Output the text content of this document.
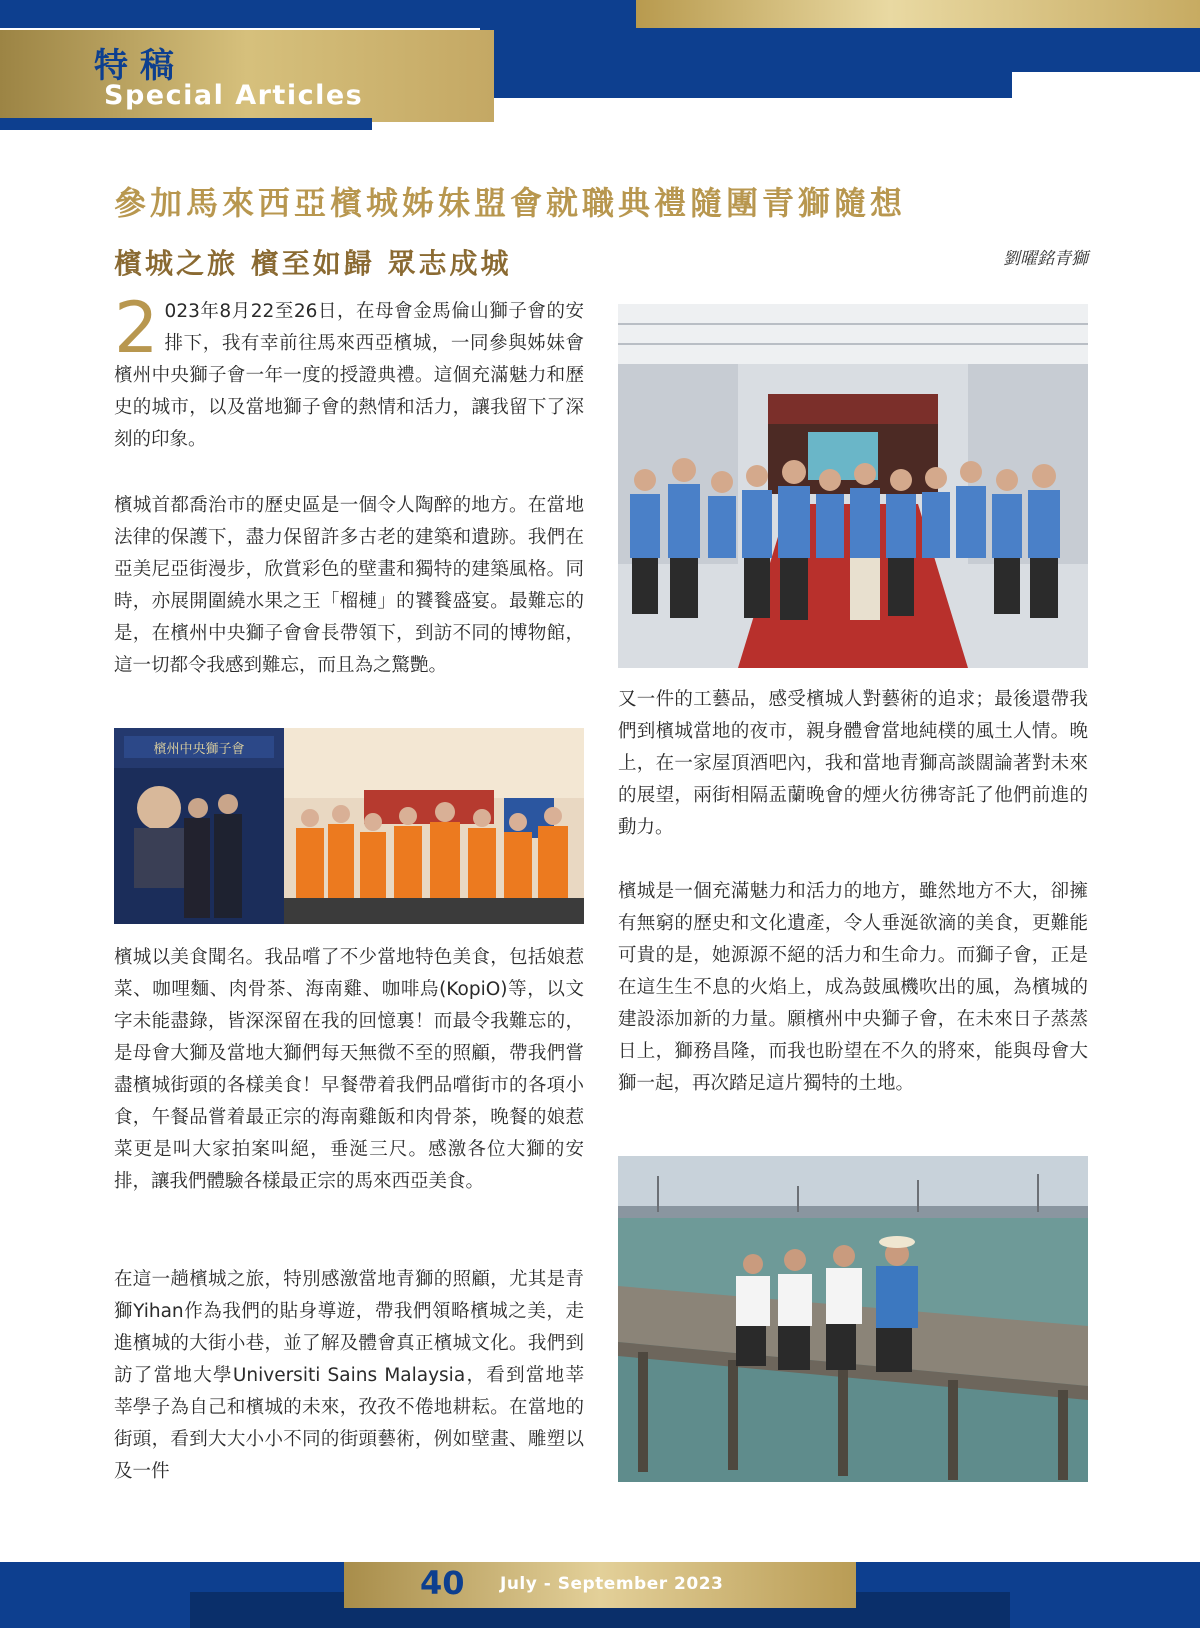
特稿
Special Articles
參加馬來西亞檳城姊妹盟會就職典禮隨團青獅隨想
檳城之旅 檳至如歸 眾志成城	劉曜銘青獅

2 023年8月22至26日，在母會金馬倫山獅子會的安排下，我有幸前往馬來西亞檳城，一同參與姊妹會檳州中央獅子會一年一度的授證典禮。這個充滿魅力和歷史的城市，以及當地獅子會的熱情和活力，讓我留下了深刻的印象。

檳城首都喬治市的歷史區是一個令人陶醉的地方。在當地法律的保護下，盡力保留許多古老的建築和遺跡。我們在亞美尼亞街漫步，欣賞彩色的壁畫和獨特的建築風格。同時，亦展開圍繞水果之王「榴槤」的饕餮盛宴。最難忘的是，在檳州中央獅子會會長帶領下，到訪不同的博物館，這一切都令我感到難忘，而且為之驚艷。

檳州中央獅子會

檳城以美食聞名。我品嚐了不少當地特色美食，包括娘惹菜、咖哩麵、肉骨茶、海南雞、咖啡烏(KopiO)等，以文字未能盡錄，皆深深留在我的回憶裏！而最令我難忘的，是母會大獅及當地大獅們每天無微不至的照顧，帶我們嘗盡檳城街頭的各樣美食！早餐帶着我們品嚐街市的各項小食，午餐品嘗着最正宗的海南雞飯和肉骨茶，晚餐的娘惹菜更是叫大家拍案叫絕，垂涎三尺。感激各位大獅的安排，讓我們體驗各樣最正宗的馬來西亞美食。

在這一趟檳城之旅，特別感激當地青獅的照顧，尤其是青獅Yihan作為我們的貼身導遊，帶我們領略檳城之美，走進檳城的大街小巷，並了解及體會真正檳城文化。我們到訪了當地大學Universiti Sains Malaysia，看到當地莘莘學子為自己和檳城的未來，孜孜不倦地耕耘。在當地的街頭，看到大大小小不同的街頭藝術，例如壁畫、雕塑以及一件

又一件的工藝品，感受檳城人對藝術的追求；最後還帶我們到檳城當地的夜市，親身體會當地純樸的風土人情。晚上，在一家屋頂酒吧內，我和當地青獅高談闊論著對未來的展望，兩街相隔盂蘭晚會的煙火彷彿寄託了他們前進的動力。

檳城是一個充滿魅力和活力的地方，雖然地方不大，卻擁有無窮的歷史和文化遺產，令人垂涎欲滴的美食，更難能可貴的是，她源源不絕的活力和生命力。而獅子會，正是在這生生不息的火焰上，成為鼓風機吹出的風，為檳城的建設添加新的力量。願檳州中央獅子會，在未來日子蒸蒸日上，獅務昌隆，而我也盼望在不久的將來，能與母會大獅一起，再次踏足這片獨特的土地。

40 July - September 2023
